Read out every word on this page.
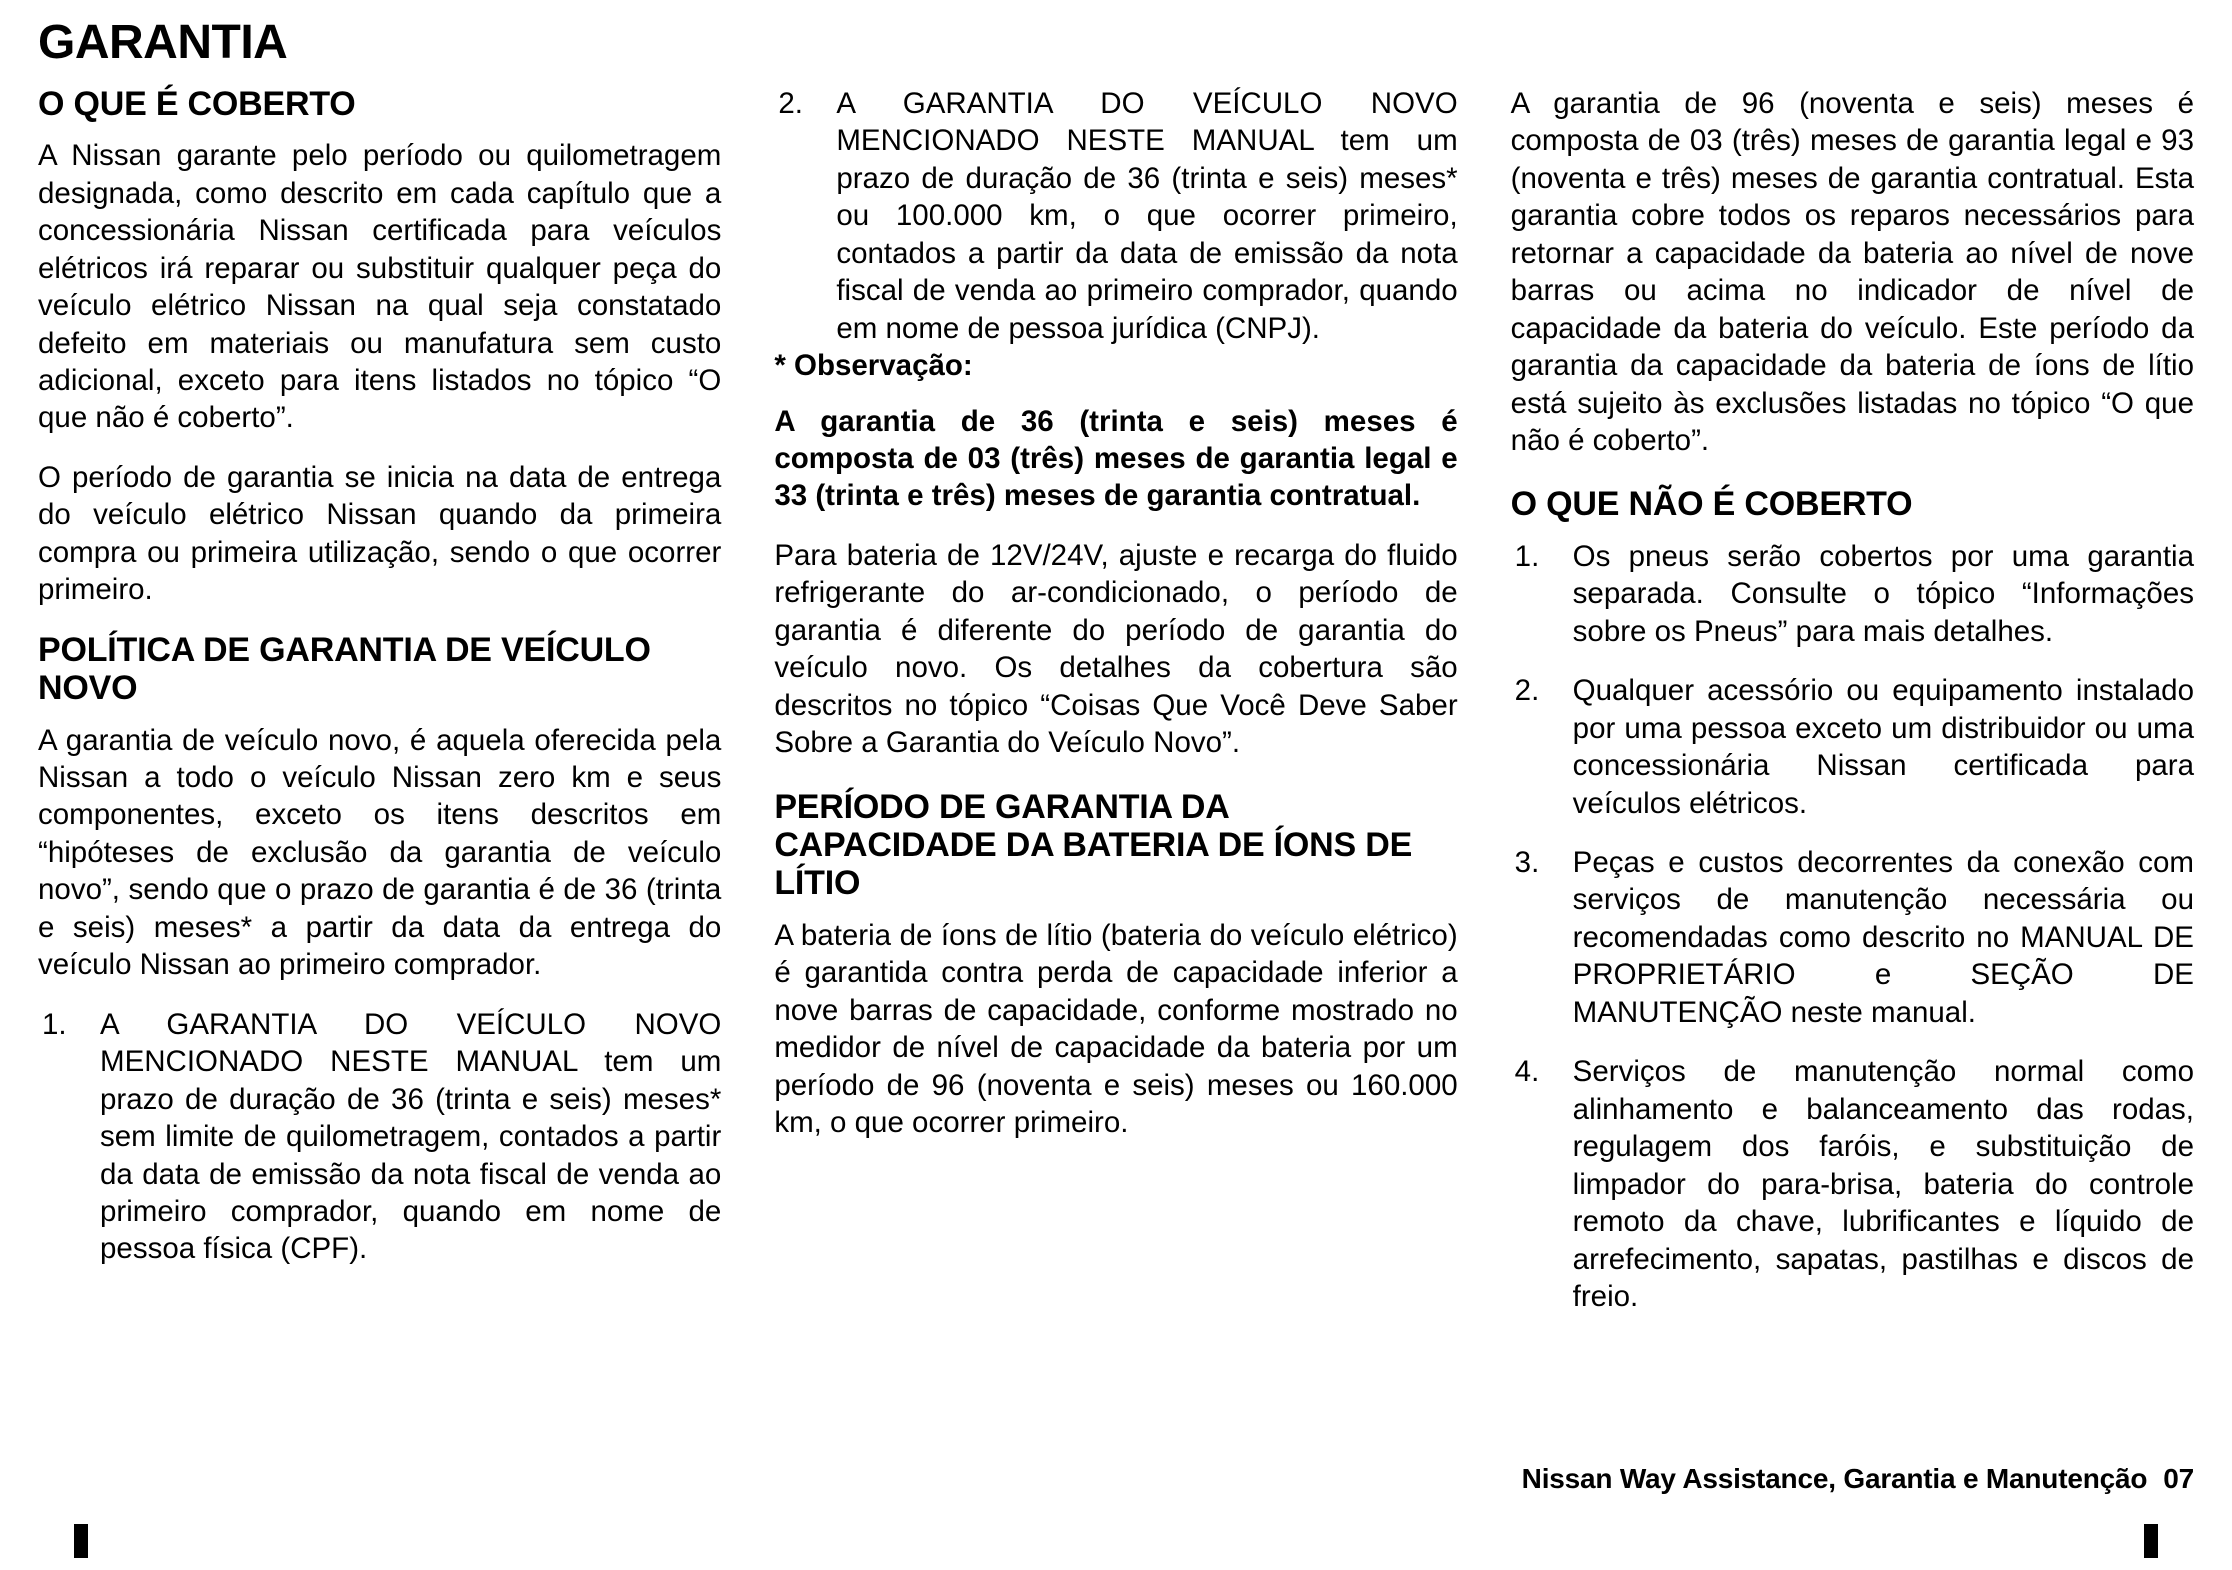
GARANTIA
O QUE É COBERTO

A Nissan garante pelo período ou quilometragem designada, como descrito em cada capítulo que a concessionária Nissan certificada para veículos elétricos irá reparar ou substituir qualquer peça do veículo elétrico Nissan na qual seja constatado defeito em materiais ou manufatura sem custo adicional, exceto para itens listados no tópico “O que não é coberto”.

O período de garantia se inicia na data de entrega do veículo elétrico Nissan quando da primeira compra ou primeira utilização, sendo o que ocorrer primeiro.

POLÍTICA DE GARANTIA DE VEÍCULO NOVO

A garantia de veículo novo, é aquela oferecida pela Nissan a todo o veículo Nissan zero km e seus componentes, exceto os itens descritos em “hipóteses de exclusão da garantia de veículo novo”, sendo que o prazo de garantia é de 36 (trinta e seis) meses* a partir da data da entrega do veículo Nissan ao primeiro comprador.

1.	A GARANTIA DO VEÍCULO NOVO MENCIONADO NESTE MANUAL tem um prazo de duração de 36 (trinta e seis) meses* sem limite de quilometragem, contados a partir da data de emissão da nota fiscal de venda ao primeiro comprador, quando em nome de pessoa física (CPF).
2.	A GARANTIA DO VEÍCULO NOVO MENCIONADO NESTE MANUAL tem um prazo de duração de 36 (trinta e seis) meses* ou 100.000 km, o que ocorrer primeiro, contados a partir da data de emissão da nota fiscal de venda ao primeiro comprador, quando em nome de pessoa jurídica (CNPJ).

* Observação:

A garantia de 36 (trinta e seis) meses é composta de 03 (três) meses de garantia legal e 33 (trinta e três) meses de garantia contratual.

Para bateria de 12V/24V, ajuste e recarga do fluido refrigerante do ar-condicionado, o período de garantia é diferente do período de garantia do veículo novo. Os detalhes da cobertura são descritos no tópico “Coisas Que Você Deve Saber Sobre a Garantia do Veículo Novo”.

PERÍODO DE GARANTIA DA CAPACIDADE DA BATERIA DE ÍONS DE LÍTIO

A bateria de íons de lítio (bateria do veículo elétrico) é garantida contra perda de capacidade inferior a nove barras de capacidade, conforme mostrado no medidor de nível de capacidade da bateria por um período de 96 (noventa e seis) meses ou 160.000 km, o que ocorrer primeiro.

A garantia de 96 (noventa e seis) meses é composta de 03 (três) meses de garantia legal e 93 (noventa e três) meses de garantia contratual. Esta garantia cobre todos os reparos necessários para retornar a capacidade da bateria ao nível de nove barras ou acima no indicador de nível de capacidade da bateria do veículo. Este período da garantia da capacidade da bateria de íons de lítio está sujeito às exclusões listadas no tópico “O que não é coberto”.

O QUE NÃO É COBERTO
1.	Os pneus serão cobertos por uma garantia separada. Consulte o tópico “Informações sobre os Pneus” para mais detalhes.
2.	Qualquer acessório ou equipamento instalado por uma pessoa exceto um distribuidor ou uma concessionária Nissan certificada para veículos elétricos.
3.	Peças e custos decorrentes da conexão com serviços de manutenção necessária ou recomendadas como descrito no MANUAL DE PROPRIETÁRIO e SEÇÃO DE MANUTENÇÃO neste manual.
4.	Serviços de manutenção normal como alinhamento e balanceamento das rodas, regulagem dos faróis, e substituição de limpador do para-brisa, bateria do controle remoto da chave, lubrificantes e líquido de arrefecimento, sapatas, pastilhas e discos de freio.
Nissan Way Assistance, Garantia e Manutenção 07
